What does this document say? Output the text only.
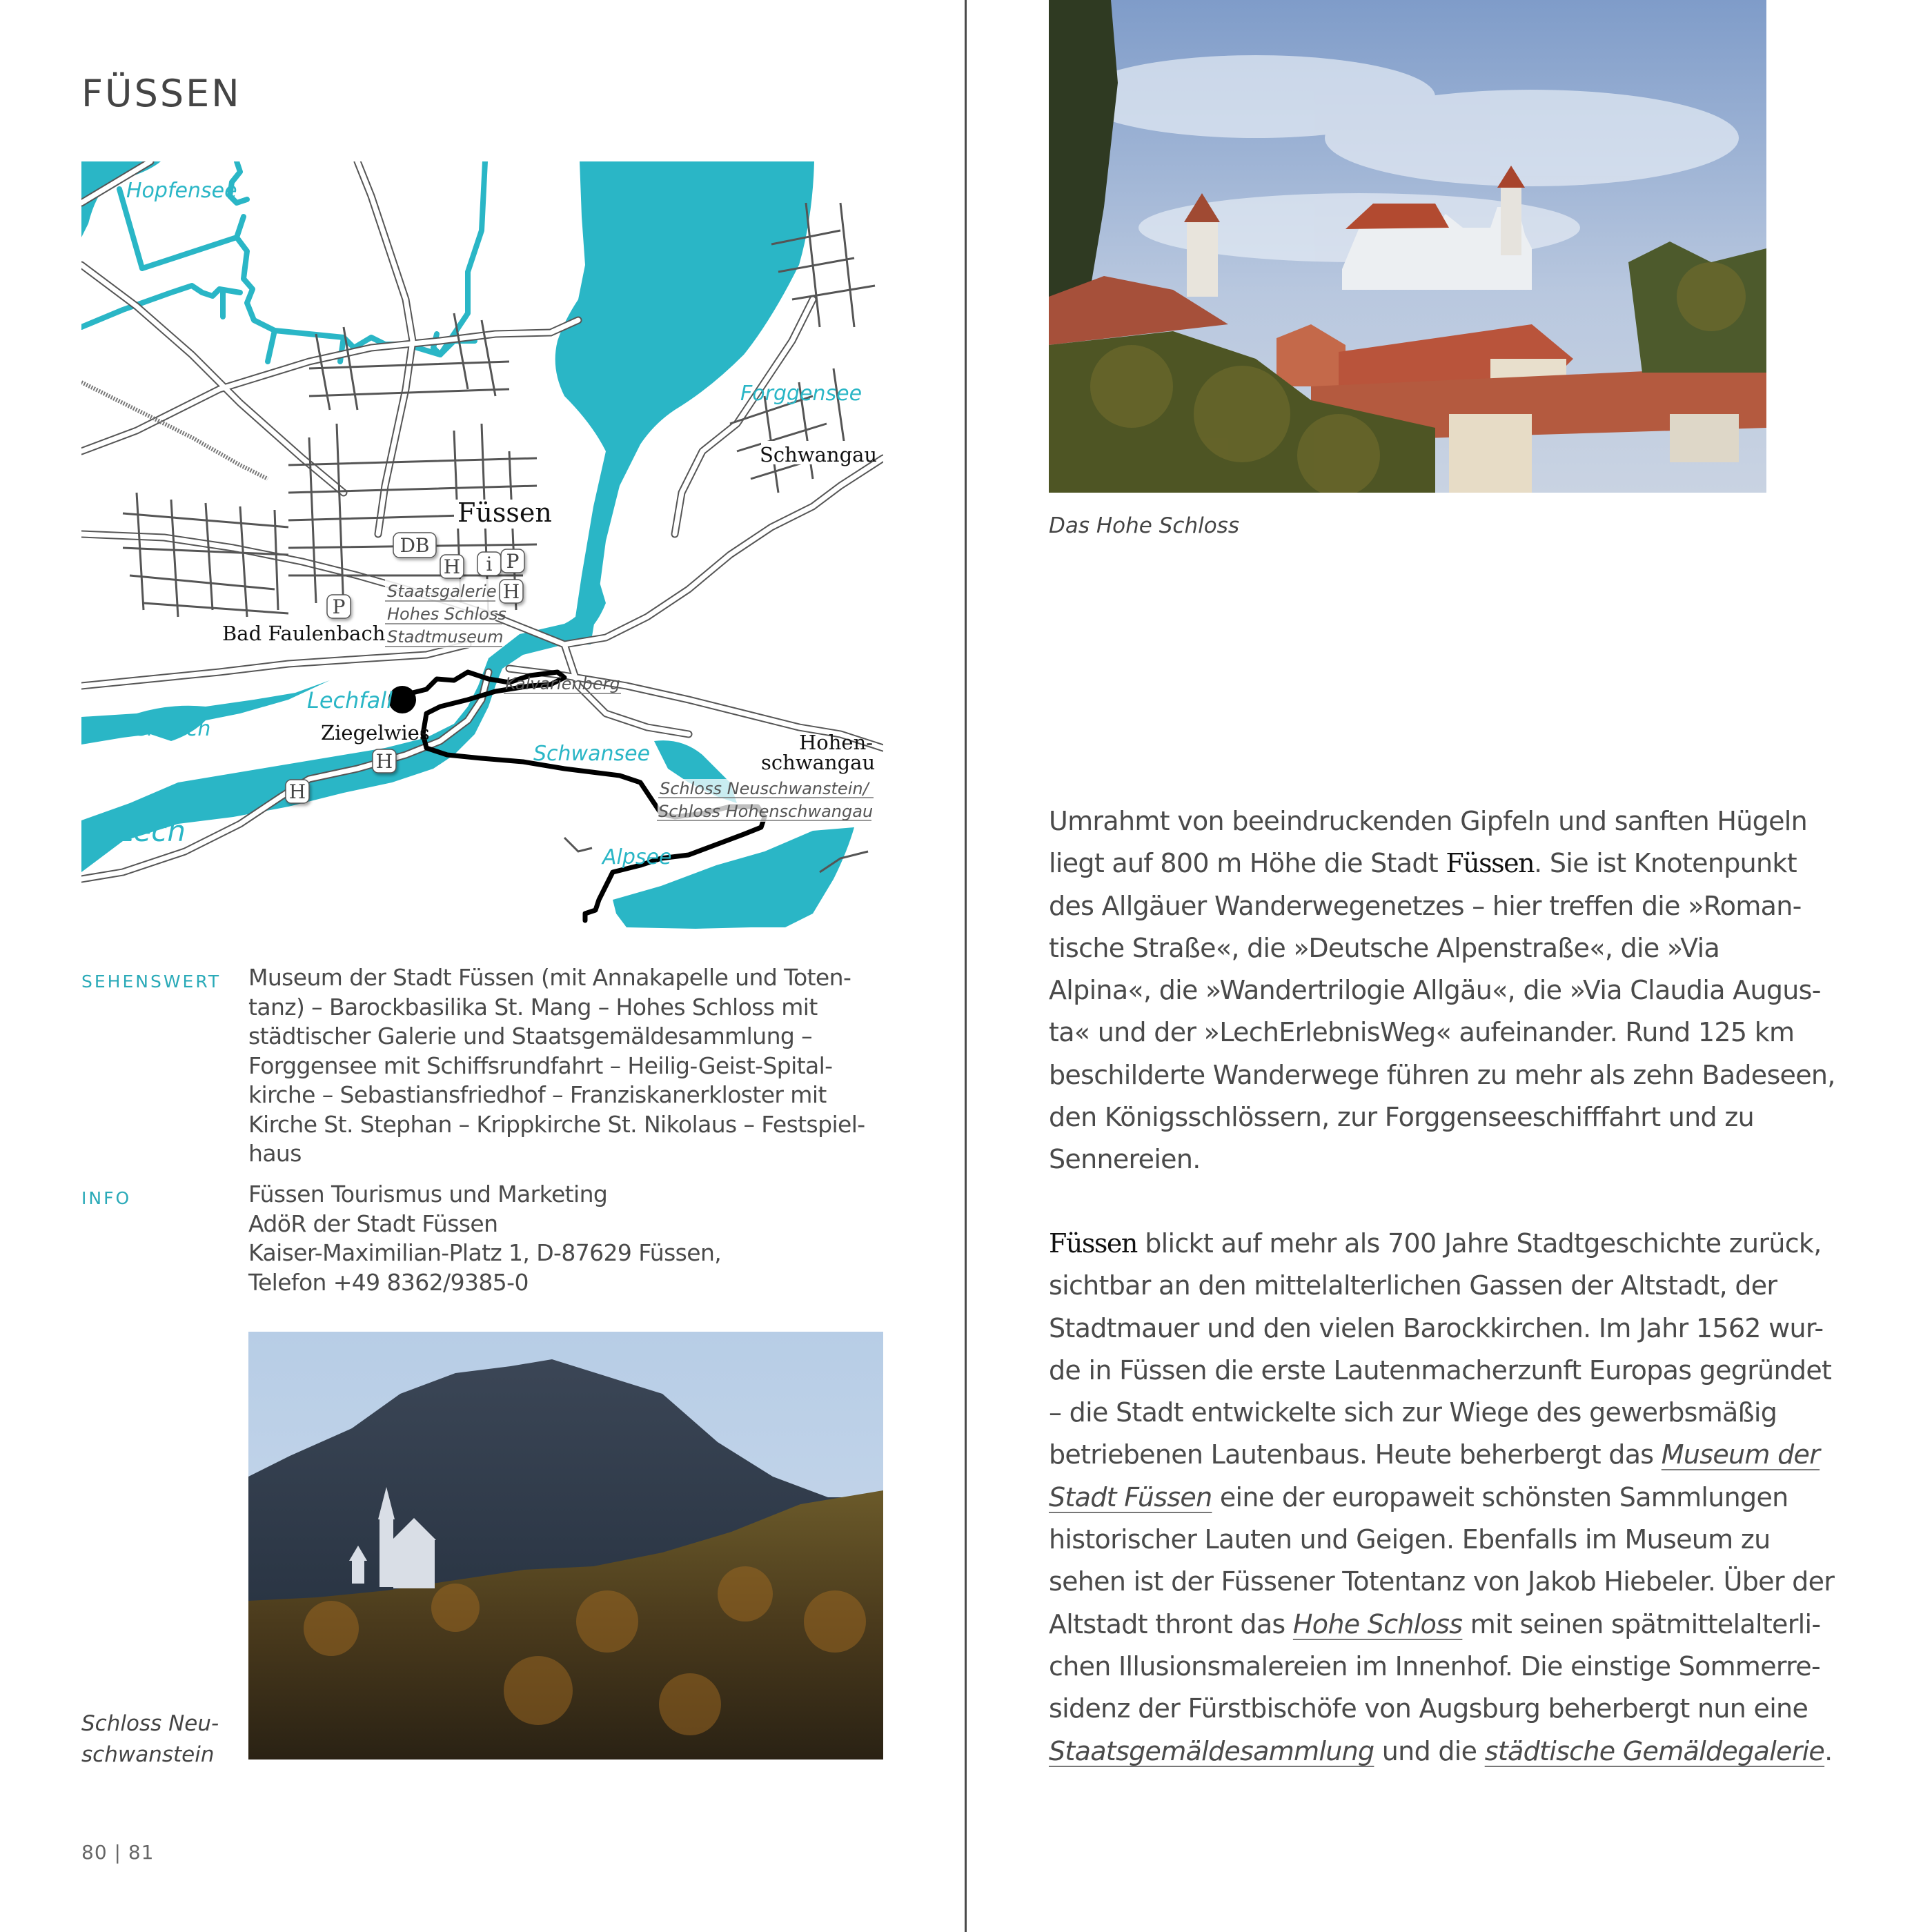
FÜSSEN
Hopfensee
Forggensee
Lechfall
Faulenbach
Lech
Schwansee
Alpsee
Füssen
Schwangau
Bad Faulenbach
Ziegelwies	Hohen-
schwangau
Staatsgalerie
Hohes Schloss
Stadtmuseum
Kalvarienberg
Schloss Neuschwanstein/
Schloss Hohenschwangau
DB
H i P
H
P
H
H
SEHENSWERT Museum der Stadt Füssen (mit Annakapelle und Toten-
tanz) – Barockbasilika St. Mang – Hohes Schloss mit
städtischer Galerie und Staatsgemäldesammlung –
Forggensee mit Schiffsrundfahrt – Heilig-Geist-Spital-
kirche – Sebastiansfriedhof – Franziskanerkloster mit
Kirche St. Stephan – Krippkirche St. Nikolaus – Festspiel-
haus
INFO	Füssen Tourismus und Marketing
AdöR der Stadt Füssen
Kaiser-Maximilian-Platz 1, D-87629 Füssen,
Telefon +49 8362/9385-0
Schloss Neu-
schwanstein
80 | 81
Das Hohe Schloss
Umrahmt von beeindruckenden Gipfeln und sanften Hügeln
liegt auf 800 m Höhe die Stadt Füssen. Sie ist Knotenpunkt
des Allgäuer Wanderwegenetzes – hier treffen die »Roman-
tische Straße«, die »Deutsche Alpenstraße«, die »Via
Alpina«, die »Wandertrilogie Allgäu«, die »Via Claudia Augus-
ta« und der »LechErlebnisWeg« aufeinander. Rund 125 km
beschilderte Wanderwege führen zu mehr als zehn Badeseen,
den Königsschlössern, zur Forggenseeschifffahrt und zu
Sennereien.
Füssen blickt auf mehr als 700 Jahre Stadtgeschichte zurück,
sichtbar an den mittelalterlichen Gassen der Altstadt, der
Stadtmauer und den vielen Barockkirchen. Im Jahr 1562 wur-
de in Füssen die erste Lautenmacherzunft Europas gegründet
– die Stadt entwickelte sich zur Wiege des gewerbsmäßig
betriebenen Lautenbaus. Heute beherbergt das Museum der
Stadt Füssen eine der europaweit schönsten Sammlungen
historischer Lauten und Geigen. Ebenfalls im Museum zu
sehen ist der Füssener Totentanz von Jakob Hiebeler. Über der
Altstadt thront das Hohe Schloss mit seinen spätmittelalterli-
chen Illusionsmalereien im Innenhof. Die einstige Sommerre-
sidenz der Fürstbischöfe von Augsburg beherbergt nun eine
Staatsgemäldesammlung und die städtische Gemäldegalerie.
